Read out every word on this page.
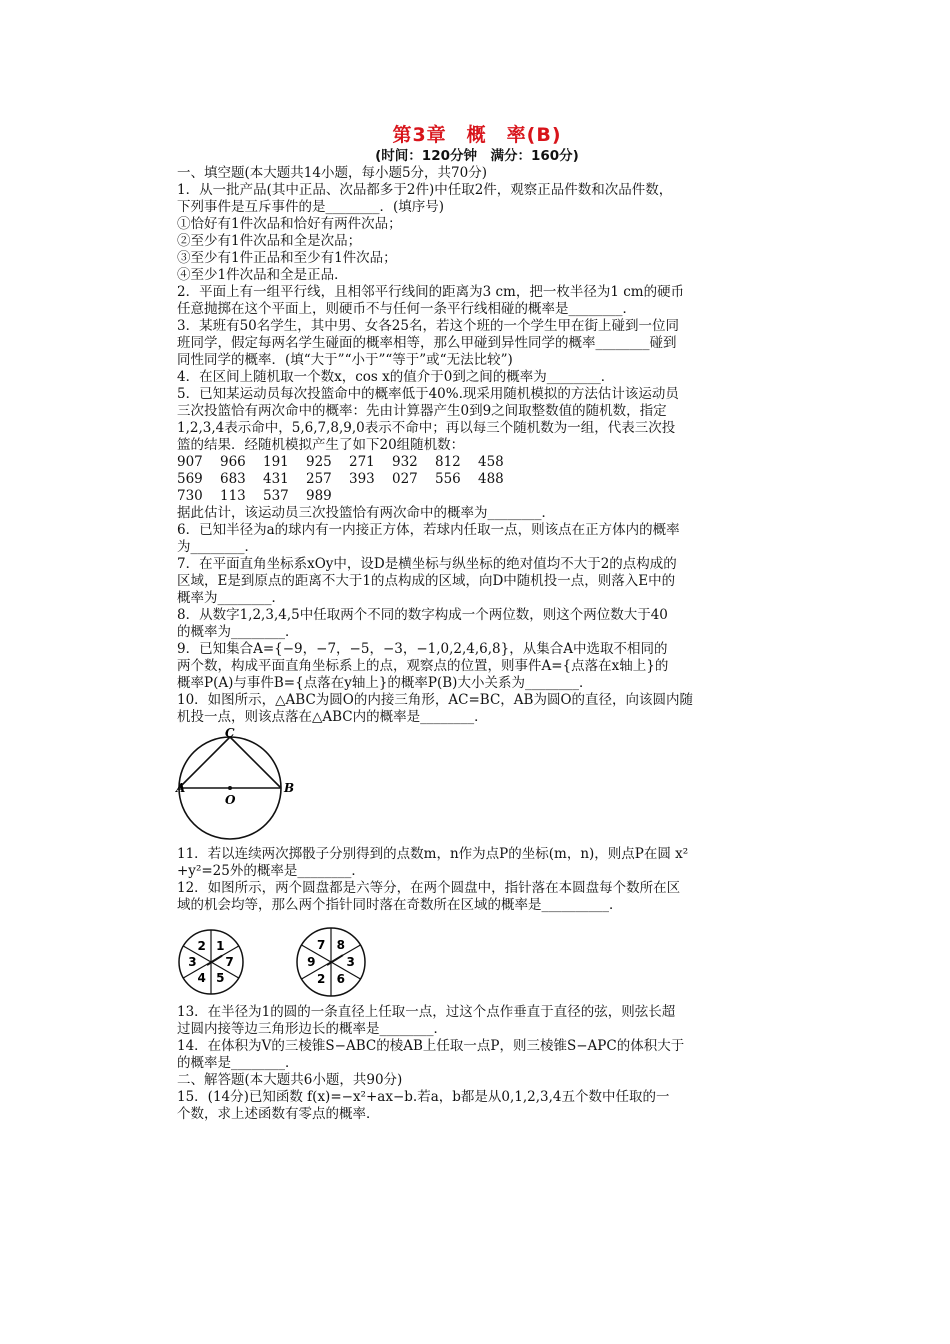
第3章　概　率(B)
(时间：120分钟　满分：160分)
一、填空题(本大题共14小题，每小题5分，共70分)
1．从一批产品(其中正品、次品都多于2件)中任取2件，观察正品件数和次品件数，
下列事件是互斥事件的是________．(填序号)
①恰好有1件次品和恰好有两件次品；
②至少有1件次品和全是次品；
③至少有1件正品和至少有1件次品；
④至少1件次品和全是正品．
2．平面上有一组平行线，且相邻平行线间的距离为3 cm，把一枚半径为1 cm的硬币
任意抛掷在这个平面上，则硬币不与任何一条平行线相碰的概率是________．
3．某班有50名学生，其中男、女各25名，若这个班的一个学生甲在街上碰到一位同
班同学，假定每两名学生碰面的概率相等，那么甲碰到异性同学的概率________碰到
同性同学的概率．(填“大于”“小于”“等于”或“无法比较”)
4．在区间上随机取一个数x，cos x的值介于0到之间的概率为________．
5．已知某运动员每次投篮命中的概率低于40%.现采用随机模拟的方法估计该运动员
三次投篮恰有两次命中的概率：先由计算器产生0到9之间取整数值的随机数，指定
1,2,3,4表示命中，5,6,7,8,9,0表示不命中；再以每三个随机数为一组，代表三次投
篮的结果．经随机模拟产生了如下20组随机数：
907 966 191 925 271 932 812 458
569 683 431 257 393 027 556 488
730 113 537 989
据此估计，该运动员三次投篮恰有两次命中的概率为________．
6．已知半径为a的球内有一内接正方体，若球内任取一点，则该点在正方体内的概率
为________．
7．在平面直角坐标系xOy中，设D是横坐标与纵坐标的绝对值均不大于2的点构成的
区域，E是到原点的距离不大于1的点构成的区域，向D中随机投一点，则落入E中的
概率为________．
8．从数字1,2,3,4,5中任取两个不同的数字构成一个两位数，则这个两位数大于40
的概率为________．
9．已知集合A={−9，−7，−5，−3，−1,0,2,4,6,8}，从集合A中选取不相同的
两个数，构成平面直角坐标系上的点，观察点的位置，则事件A={点落在x轴上}的
概率P(A)与事件B={点落在y轴上}的概率P(B)大小关系为________．
10．如图所示，△ABC为圆O的内接三角形，AC=BC，AB为圆O的直径，向该圆内随
机投一点，则该点落在△ABC内的概率是________．
C
A	B
O
11．若以连续两次掷骰子分别得到的点数m，n作为点P的坐标(m，n)，则点P在圆 x²
+y²=25外的概率是________．
12．如图所示，两个圆盘都是六等分，在两个圆盘中，指针落在本圆盘每个数所在区
域的机会均等，那么两个指针同时落在奇数所在区域的概率是__________．
1
7
5
4
3
2	8
3
6
2
9
7
13．在半径为1的圆的一条直径上任取一点，过这个点作垂直于直径的弦，则弦长超
过圆内接等边三角形边长的概率是________．
14．在体积为V的三棱锥S−ABC的棱AB上任取一点P，则三棱锥S−APC的体积大于
的概率是________．
二、解答题(本大题共6小题，共90分)
15．(14分)已知函数 f(x)=−x²+ax−b.若a，b都是从0,1,2,3,4五个数中任取的一
个数，求上述函数有零点的概率．
